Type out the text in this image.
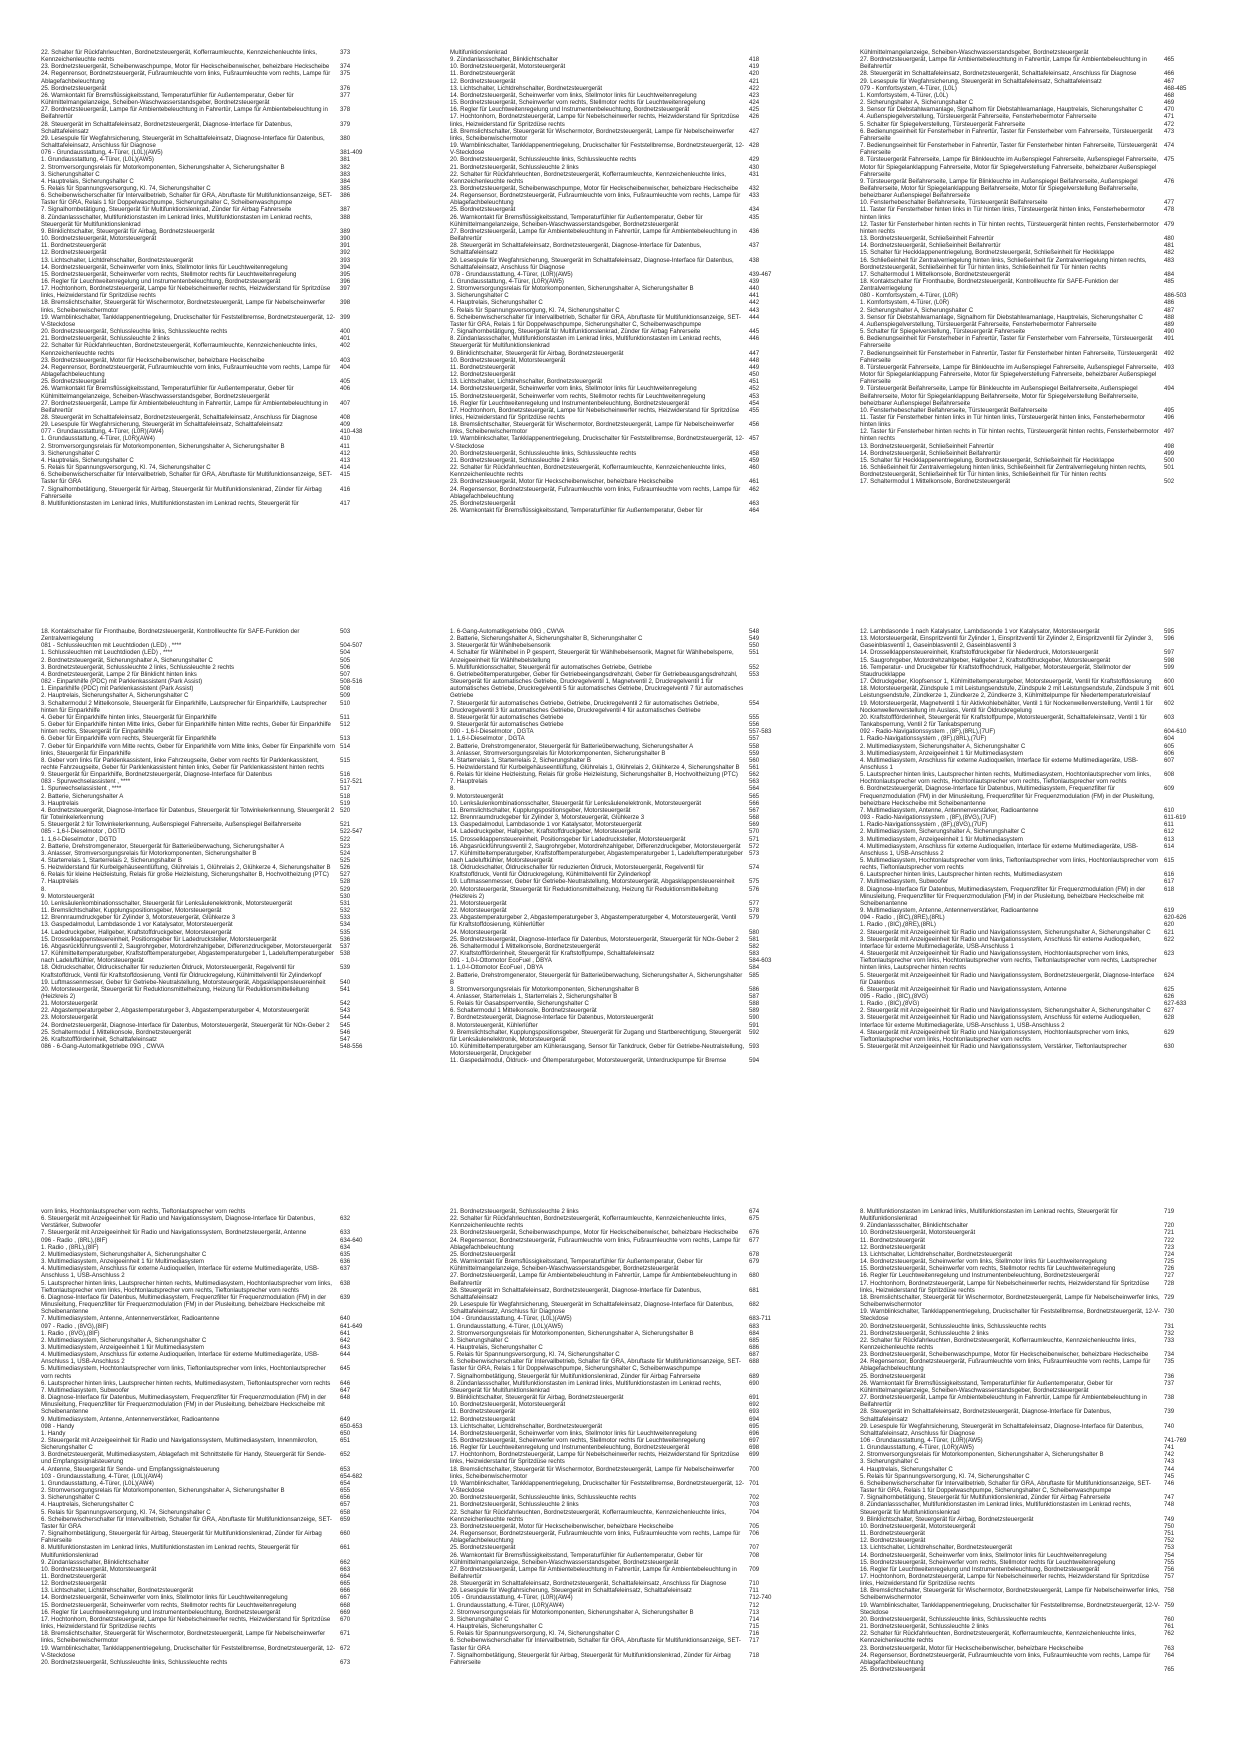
22. Schalter für Rückfahrleuchten, Bordnetzsteuergerät, Kofferraumleuchte, Kennzeichenleuchte links, Kennzeichenleuchte rechts
373
23. Bordnetzsteuergerät, Scheibenwaschpumpe, Motor für Heckscheibenwischer, beheizbare Heckscheibe	374
24. Regenrensor, Bordnetzsteuergerät, Fußraumleuchte vorn links, Fußraumleuchte vorn rechts, Lampe für Ablagefachbeleuchtung
375
25. Bordnetzsteuergerät	376
26. Warnkontakt für Bremsflüssigkeitsstand, Temperaturfühler für Außentemperatur, Geber für Kühlmittelmangelanzeige, Scheiben-Waschwasserstandsgeber, Bordnetzsteuergerät
377
27. Bordnetzsteuergerät, Lampe für Ambientebeleuchtung in Fahrertür, Lampe für Ambientebeleuchtung in Beifahrertür
378
28. Steuergerät im Schalttafeleinsatz, Bordnetzsteuergerät, Diagnose-Interface für Datenbus, Schalttafeleinsatz
379
29. Lesespule für Wegfahrsicherung, Steuergerät im Schalttafeleinsatz, Diagnose-Interface für Datenbus, Schalttafeleinsatz, Anschluss für Diagnose
380
076 - Grundausstattung, 4-Türer, (L0L)(AW5)	381-409
1. Grundausstattung, 4-Türer, (L0L)(AW5)	381
2. Stromversorgungsrelais für Motorkomponenten, Sicherungshalter A, Sicherungshalter B	382
3. Sicherungshalter C	383
4. Hauptrelais, Sicherungshalter C	384
5. Relais für Spannungsversorgung, Kl. 74, Sicherungshalter C	385
6. Scheibenwischerschalter für Intervallbetrieb, Schalter für GRA, Abruftaste für Multifunktionsanzeige, SET-Taster für GRA, Relais 1 für Doppelwaschpumpe, Sicherungshalter C, Scheibenwaschpumpe
386
7. Signalhornbetätigung, Steuergerät für Multifunktionslenkrad, Zünder für Airbag Fahrerseite	387
8. Zündanlassschalter, Multifunktionstasten im Lenkrad links, Multifunktionstasten im Lenkrad rechts, Steuergerät für Multifunktionslenkrad
388
9. Blinklichtschalter, Steuergerät für Airbag, Bordnetzsteuergerät	389
10. Bordnetzsteuergerät, Motorsteuergerät	390
11. Bordnetzsteuergerät	391
12. Bordnetzsteuergerät	392
13. Lichtschalter, Lichtdrehschalter, Bordnetzsteuergerät	393
14. Bordnetzsteuergerät, Scheinwerfer vorn links, Stellmotor links für Leuchtweitenregelung	394
15. Bordnetzsteuergerät, Scheinwerfer vorn rechts, Stellmotor rechts für Leuchtweitenregelung	395
16. Regler für Leuchtweitenregelung und Instrumentenbeleuchtung, Bordnetzsteuergerät	396
17. Hochtonhorn, Bordnetzsteuergerät, Lampe für Nebelscheinwerfer rechts, Heizwiderstand für Spritzdüse links, Heizwiderstand für Spritzdüse rechts
397
18. Bremslichtschalter, Steuergerät für Wischermotor, Bordnetzsteuergerät, Lampe für Nebelscheinwerfer links, Scheibenwischermotor
398
19. Warnblinkschalter, Tankklappenentriegelung, Druckschalter für Feststellbremse, Bordnetzsteuergerät, 12-V-Steckdose
399
20. Bordnetzsteuergerät, Schlussleuchte links, Schlussleuchte rechts	400
21. Bordnetzsteuergerät, Schlussleuchte 2 links	401
22. Schalter für Rückfahrleuchten, Bordnetzsteuergerät, Kofferraumleuchte, Kennzeichenleuchte links, Kennzeichenleuchte rechts
402
23. Bordnetzsteuergerät, Motor für Heckscheibenwischer, beheizbare Heckscheibe	403
24. Regenrensor, Bordnetzsteuergerät, Fußraumleuchte vorn links, Fußraumleuchte vorn rechts, Lampe für Ablagefachbeleuchtung
404
25. Bordnetzsteuergerät	405
26. Warnkontakt für Bremsflüssigkeitsstand, Temperaturfühler für Außentemperatur, Geber für Kühlmittelmangelanzeige, Scheiben-Waschwasserstandsgeber, Bordnetzsteuergerät
406
27. Bordnetzsteuergerät, Lampe für Ambientebeleuchtung in Fahrertür, Lampe für Ambientebeleuchtung in Beifahrertür
407
28. Steuergerät im Schalttafeleinsatz, Bordnetzsteuergerät, Schalttafeleinsatz, Anschluss für Diagnose	408
29. Lesespule für Wegfahrsicherung, Steuergerät im Schalttafeleinsatz, Schalttafeleinsatz	409
077 - Grundausstattung, 4-Türer, (L0R)(AW4)	410-438
1. Grundausstattung, 4-Türer, (L0R)(AW4)	410
2. Stromversorgungsrelais für Motorkomponenten, Sicherungshalter A, Sicherungshalter B	411
3. Sicherungshalter C	412
4. Hauptrelais, Sicherungshalter C	413
5. Relais für Spannungsversorgung, Kl. 74, Sicherungshalter C	414
6. Scheibenwischerschalter für Intervallbetrieb, Schalter für GRA, Abruftaste für Multifunktionsanzeige, SET-Taster für GRA
415
7. Signalhornbetätigung, Steuergerät für Airbag, Steuergerät für Multifunktionslenkrad, Zünder für Airbag Fahrerseite
416
8. Multifunktionstasten im Lenkrad links, Multifunktionstasten im Lenkrad rechts, Steuergerät für	417
Multifunktionslenkrad
9. Zündanlassschalter, Blinklichtschalter	418
10. Bordnetzsteuergerät, Motorsteuergerät	419
11. Bordnetzsteuergerät	420
12. Bordnetzsteuergerät	421
13. Lichtschalter, Lichtdrehschalter, Bordnetzsteuergerät	422
14. Bordnetzsteuergerät, Scheinwerfer vorn links, Stellmotor links für Leuchtweitenregelung	423
15. Bordnetzsteuergerät, Scheinwerfer vorn rechts, Stellmotor rechts für Leuchtweitenregelung	424
16. Regler für Leuchtweitenregelung und Instrumentenbeleuchtung, Bordnetzsteuergerät	425
17. Hochtonhorn, Bordnetzsteuergerät, Lampe für Nebelscheinwerfer rechts, Heizwiderstand für Spritzdüse links, Heizwiderstand für Spritzdüse rechts
426
18. Bremslichtschalter, Steuergerät für Wischermotor, Bordnetzsteuergerät, Lampe für Nebelscheinwerfer links, Scheibenwischermotor
427
19. Warnblinkschalter, Tankklappenentriegelung, Druckschalter für Feststellbremse, Bordnetzsteuergerät, 12-V-Steckdose
428
20. Bordnetzsteuergerät, Schlussleuchte links, Schlussleuchte rechts	429
21. Bordnetzsteuergerät, Schlussleuchte 2 links	430
22. Schalter für Rückfahrleuchten, Bordnetzsteuergerät, Kofferraumleuchte, Kennzeichenleuchte links, Kennzeichenleuchte rechts
431
23. Bordnetzsteuergerät, Scheibenwaschpumpe, Motor für Heckscheibenwischer, beheizbare Heckscheibe	432
24. Regensensor, Bordnetzsteuergerät, Fußraumleuchte vorn links, Fußraumleuchte vorn rechts, Lampe für Ablagefachbeleuchtung
433
25. Bordnetzsteuergerät	434
26. Warnkontakt für Bremsflüssigkeitsstand, Temperaturfühler für Außentemperatur, Geber für Kühlmittelmangelanzeige, Scheiben-Waschwasserstandsgeber, Bordnetzsteuergerät
435
27. Bordnetzsteuergerät, Lampe für Ambientebeleuchtung in Fahrertür, Lampe für Ambientebeleuchtung in Beifahrertür
436
28. Steuergerät im Schalttafeleinsatz, Bordnetzsteuergerät, Diagnose-Interface für Datenbus, Schalttafeleinsatz
437
29. Lesespule für Wegfahrsicherung, Steuergerät im Schalttafeleinsatz, Diagnose-Interface für Datenbus, Schalttafeleinsatz, Anschluss für Diagnose
438
078 - Grundausstattung, 4-Türer, (L0R)(AW5)	439-467
1. Grundausstattung, 4-Türer, (L0R)(AW5)	439
2. Stromversorgungsrelais für Motorkomponenten, Sicherungshalter A, Sicherungshalter B	440
3. Sicherungshalter C	441
4. Hauptrelais, Sicherungshalter C	442
5. Relais für Spannungsversorgung, Kl. 74, Sicherungshalter C	443
6. Scheibenwischerschalter für Intervallbetrieb, Schalter für GRA, Abruftaste für Multifunktionsanzeige, SET-Taster für GRA, Relais 1 für Doppelwaschpumpe, Sicherungshalter C, Scheibenwaschpumpe
444
7. Signalhornbetätigung, Steuergerät für Multifunktionslenkrad, Zünder für Airbag Fahrerseite	445
8. Zündanlassschalter, Multifunktionstasten im Lenkrad links, Multifunktionstasten im Lenkrad rechts, Steuergerät für Multifunktionslenkrad
446
9. Blinklichtschalter, Steuergerät für Airbag, Bordnetzsteuergerät	447
10. Bordnetzsteuergerät, Motorsteuergerät	448
11. Bordnetzsteuergerät	449
12. Bordnetzsteuergerät	450
13. Lichtschalter, Lichtdrehschalter, Bordnetzsteuergerät	451
14. Bordnetzsteuergerät, Scheinwerfer vorn links, Stellmotor links für Leuchtweitenregelung	452
15. Bordnetzsteuergerät, Scheinwerfer vorn rechts, Stellmotor rechts für Leuchtweitenregelung	453
16. Regler für Leuchtweitenregelung und Instrumentenbeleuchtung, Bordnetzsteuergerät	454
17. Hochtonhorn, Bordnetzsteuergerät, Lampe für Nebelscheinwerfer rechts, Heizwiderstand für Spritzdüse links, Heizwiderstand für Spritzdüse rechts
455
18. Bremslichtschalter, Steuergerät für Wischermotor, Bordnetzsteuergerät, Lampe für Nebelscheinwerfer links, Scheibenwischermotor
456
19. Warnblinkschalter, Tankklappenentriegelung, Druckschalter für Feststellbremse, Bordnetzsteuergerät, 12-V-Steckdose
457
20. Bordnetzsteuergerät, Schlussleuchte links, Schlussleuchte rechts	458
21. Bordnetzsteuergerät, Schlussleuchte 2 links	459
22. Schalter für Rückfahrleuchten, Bordnetzsteuergerät, Kofferraumleuchte, Kennzeichenleuchte links, Kennzeichenleuchte rechts
460
23. Bordnetzsteuergerät, Motor für Heckscheibenwischer, beheizbare Heckscheibe	461
24. Regensensor, Bordnetzsteuergerät, Fußraumleuchte vorn links, Fußraumleuchte vorn rechts, Lampe für Ablagefachbeleuchtung
462
25. Bordnetzsteuergerät	463
26. Warnkontakt für Bremsflüssigkeitsstand, Temperaturfühler für Außentemperatur, Geber für	464
Kühlmittelmangelanzeige, Scheiben-Waschwasserstandsgeber, Bordnetzsteuergerät
27. Bordnetzsteuergerät, Lampe für Ambientebeleuchtung in Fahrertür, Lampe für Ambientebeleuchtung in Beifahrertür
465
28. Steuergerät im Schalttafeleinsatz, Bordnetzsteuergerät, Schalttafeleinsatz, Anschluss für Diagnose	466
29. Lesespule für Wegfahrsicherung, Steuergerät im Schalttafeleinsatz, Schalttafeleinsatz	467
079 - Komfortsystem, 4-Türer, (L0L)	468-485
1. Komfortsystem, 4-Türer, (L0L)	468
2. Sicherungshalter A, Sicherungshalter C	469
3. Sensor für Diebstahlwarnanlage, Signalhorn für Diebstahlwarnanlage, Hauptrelais, Sicherungshalter C	470
4. Außenspiegelverstellung, Türsteuergerät Fahrerseite, Fensterhebermotor Fahrerseite	471
5. Schalter für Spiegelverstellung, Türsteuergerät Fahrerseite	472
6. Bedienungseinheit für Fensterheber in Fahrertür, Taster für Fensterheber vorn Fahrerseite, Türsteuergerät Fahrerseite
473
7. Bedienungseinheit für Fensterheber in Fahrertür, Taster für Fensterheber hinten Fahrerseite, Türsteuergerät Fahrerseite
474
8. Türsteuergerät Fahrerseite, Lampe für Blinkleuchte im Außenspiegel Fahrerseite, Außenspiegel Fahrerseite, Motor für Spiegelanklappung Fahrerseite, Motor für Spiegelverstellung Fahrerseite, beheizbarer Außenspiegel Fahrerseite
475
9. Türsteuergerät Beifahrerseite, Lampe für Blinkleuchte im Außenspiegel Beifahrerseite, Außenspiegel Beifahrerseite, Motor für Spiegelanklappung Beifahrerseite, Motor für Spiegelverstellung Beifahrerseite, beheizbarer Außenspiegel Beifahrerseite
476
10. Fensterhebeschalter Beifahrerseite, Türsteuergerät Beifahrerseite	477
11. Taster für Fensterheber hinten links in Tür hinten links, Türsteuergerät hinten links, Fensterhebermotor hinten links
478
12. Taster für Fensterheber hinten rechts in Tür hinten rechts, Türsteuergerät hinten rechts, Fensterhebermotor hinten rechts
479
13. Bordnetzsteuergerät, Schließeinheit Fahrertür	480
14. Bordnetzsteuergerät, Schließeinheit Beifahrertür	481
15. Schalter für Heckklappenentriegelung, Bordnetzsteuergerät, Schließeinheit für Heckklappe	482
16. Schließeinheit für Zentralverriegelung hinten links, Schließeinheit für Zentralverriegelung hinten rechts, Bordnetzsteuergerät, Schließeinheit für Tür hinten links, Schließeinheit für Tür hinten rechts
483
17. Schaltermodul 1 Mittelkonsole, Bordnetzsteuergerät	484
18. Kontaktschalter für Fronthaube, Bordnetzsteuergerät, Kontrollleuchte für SAFE-Funktion der Zentralverriegelung
485
080 - Komfortsystem, 4-Türer, (L0R)	486-503
1. Komfortsystem, 4-Türer, (L0R)	486
2. Sicherungshalter A, Sicherungshalter C	487
3. Sensor für Diebstahlwarnanlage, Signalhorn für Diebstahlwarnanlage, Hauptrelais, Sicherungshalter C	488
4. Außenspiegelverstellung, Türsteuergerät Fahrerseite, Fensterhebermotor Fahrerseite	489
5. Schalter für Spiegelverstellung, Türsteuergerät Fahrerseite	490
6. Bedienungseinheit für Fensterheber in Fahrertür, Taster für Fensterheber vorn Fahrerseite, Türsteuergerät Fahrerseite
491
7. Bedienungseinheit für Fensterheber in Fahrertür, Taster für Fensterheber hinten Fahrerseite, Türsteuergerät Fahrerseite
492
8. Türsteuergerät Fahrerseite, Lampe für Blinkleuchte im Außenspiegel Fahrerseite, Außenspiegel Fahrerseite, Motor für Spiegelanklappung Fahrerseite, Motor für Spiegelverstellung Fahrerseite, beheizbarer Außenspiegel Fahrerseite
493
9. Türsteuergerät Beifahrerseite, Lampe für Blinkleuchte im Außenspiegel Beifahrerseite, Außenspiegel Beifahrerseite, Motor für Spiegelanklappung Beifahrerseite, Motor für Spiegelverstellung Beifahrerseite, beheizbarer Außenspiegel Beifahrerseite
494
10. Fensterhebeschalter Beifahrerseite, Türsteuergerät Beifahrerseite	495
11. Taster für Fensterheber hinten links in Tür hinten links, Türsteuergerät hinten links, Fensterhebermotor hinten links
496
12. Taster für Fensterheber hinten rechts in Tür hinten rechts, Türsteuergerät hinten rechts, Fensterhebermotor hinten rechts
497
13. Bordnetzsteuergerät, Schließeinheit Fahrertür	498
14. Bordnetzsteuergerät, Schließeinheit Beifahrertür	499
15. Schalter für Heckklappenentriegelung, Bordnetzsteuergerät, Schließeinheit für Heckklappe	500
16. Schließeinheit für Zentralverriegelung hinten links, Schließeinheit für Zentralverriegelung hinten rechts, Bordnetzsteuergerät, Schließeinheit für Tür hinten links, Schließeinheit für Tür hinten rechts
501
17. Schaltermodul 1 Mittelkonsole, Bordnetzsteuergerät	502
18. Kontaktschalter für Fronthaube, Bordnetzsteuergerät, Kontrollleuchte für SAFE-Funktion der Zentralverriegelung
503
081 - Schlussleuchten mit Leuchtdioden (LED) , ****	504-507
1. Schlussleuchten mit Leuchtdioden (LED) , ****	504
2. Bordnetzsteuergerät, Sicherungshalter A, Sicherungshalter C	505
3. Bordnetzsteuergerät, Schlussleuchte 2 links, Schlussleuchte 2 rechts	506
4. Bordnetzsteuergerät, Lampe 2 für Blinklicht hinten links	507
082 - Einparkhilfe (PDC) mit Parklenkassistent (Park Assist)	508-516
1. Einparkhilfe (PDC) mit Parklenkassistent (Park Assist)	508
2. Hauptrelais, Sicherungshalter A, Sicherungshalter C	509
3. Schaltermodul 2 Mittelkonsole, Steuergerät für Einparkhilfe, Lautsprecher für Einparkhilfe, Lautsprecher hinten für Einparkhilfe
510
4. Geber für Einparkhilfe hinten links, Steuergerät für Einparkhilfe	511
5. Geber für Einparkhilfe hinten Mitte links, Geber für Einparkhilfe hinten Mitte rechts, Geber für Einparkhilfe hinten rechts, Steuergerät für Einparkhilfe
512
6. Geber für Einparkhilfe vorn rechts, Steuergerät für Einparkhilfe	513
7. Geber für Einparkhilfe vorn Mitte rechts, Geber für Einparkhilfe vorn Mitte links, Geber für Einparkhilfe vorn links, Steuergerät für Einparkhilfe
514
8. Geber vorn links für Parklenkassistent, linke Fahrzeugseite, Geber vorn rechts für Parklenkassistent, rechte Fahrzeugseite, Geber für Parklenkassistent hinten links, Geber für Parklenkassistent hinten rechts
515
9. Steuergerät für Einparkhilfe, Bordnetzsteuergerät, Diagnose-Interface für Datenbus	516
083 - Spurwechselassistent , ****	517-521
1. Spurwechselassistent , ****	517
2. Batterie, Sicherungshalter A	518
3. Hauptrelais	519
4. Bordnetzsteuergerät, Diagnose-Interface für Datenbus, Steuergerät für Totwinkelerkennung, Steuergerät 2 für Totwinkelerkennung
520
5. Steuergerät 2 für Totwinkelerkennung, Außenspiegel Fahrerseite, Außenspiegel Beifahrerseite	521
085 - 1,6-l-Dieselmotor , DGTD	522-547
1. 1,6-l-Dieselmotor , DGTD	522
2. Batterie, Drehstromgenerator, Steuergerät für Batterieüberwachung, Sicherungshalter A	523
3. Anlasser, Stromversorgungsrelais für Motorkomponenten, Sicherungshalter B	524
4. Starterrelais 1, Starterrelais 2, Sicherungshalter B	525
5. Heizwiderstand für Kurbelgehäuseentlüftung, Glührelais 1, Glührelais 2, Glühkerze 4, Sicherungshalter B	526
6. Relais für kleine Heizleistung, Relais für große Heizleistung, Sicherungshalter B, Hochvoltheizung (PTC)	527
7. Hauptrelais	528
8.	529
9. Motorsteuergerät	530
10. Lenksäulenkombinationsschalter, Steuergerät für Lenksäulenelektronik, Motorsteuergerät	531
11. Bremslichtschalter, Kupplungspositionsgeber, Motorsteuergerät	532
12. Brennraumdruckgeber für Zylinder 3, Motorsteuergerät, Glühkerze 3	533
13. Gaspedalmodul, Lambdasonde 1 vor Katalysator, Motorsteuergerät	534
14. Ladedruckgeber, Hallgeber, Kraftstoffdruckgeber, Motorsteuergerät	535
15. Drosselklappensteuereinheit, Positionsgeber für Ladedrucksteller, Motorsteuergerät	536
16. Abgasrückführungsventil 2, Saugrohrgeber, Motordrehzahlgeber, Differenzdruckgeber, Motorsteuergerät	537
17. Kühlmitteltemperaturgeber, Kraftstofftemperaturgeber, Abgastemperaturgeber 1, Ladeluftemperaturgeber nach Ladeluftkühler, Motorsteuergerät
538
18. Öldruckschalter, Öldruckschalter für reduzierten Öldruck, Motorsteuergerät, Regelventil für Kraftstoffdruck, Ventil für Kraftstoffdosierung, Ventil für Öldruckregelung, Kühlmittelventil für Zylinderkopf
539
19. Luftmassenmesser, Geber für Getriebe-Neutralstellung, Motorsteuergerät, Abgasklappensteuereinheit	540
20. Motorsteuergerät, Steuergerät für Reduktionsmittelheizung, Heizung für Reduktionsmittelleitung (Heizkreis 2)
541
21. Motorsteuergerät	542
22. Abgastemperaturgeber 2, Abgastemperaturgeber 3, Abgastemperaturgeber 4, Motorsteuergerät	543
23. Motorsteuergerät	544
24. Bordnetzsteuergerät, Diagnose-Interface für Datenbus, Motorsteuergerät, Steuergerät für NOx-Geber 2	545
25. Schaltermodul 1 Mittelkonsole, Bordnetzsteuergerät	546
26. Kraftstoffförderinheit, Schalttafeleinsatz	547
086 - 6-Gang-Automatikgetriebe 09G , CWVA	548-556
1. 6-Gang-Automatikgetriebe 09G , CWVA	548
2. Batterie, Sicherungshalter A, Sicherungshalter B, Sicherungshalter C	549
3. Steuergerät für Wählhebelsensorik	550
4. Schalter für Wählhebel in P gesperrt, Steuergerät für Wählhebelsensorik, Magnet für Wählhebelsperre, Anzeigeeinheit für Wählhebelstellung
551
5. Multifunktionsschalter, Steuergerät für automatisches Getriebe, Getriebe	552
6. Getriebeöltemperaturgeber, Geber für Getriebeeingangsdrehzahl, Geber für Getriebeausgangsdrehzahl, Steuergerät für automatisches Getriebe, Druckregelventil 1, Magnetventil 2, Druckregelventil 1 für automatisches Getriebe, Druckregelventil 5 für automatisches Getriebe, Druckregelventil 7 für automatisches Getriebe
553
7. Steuergerät für automatisches Getriebe, Getriebe, Druckregelventil 2 für automatisches Getriebe, Druckregelventil 3 für automatisches Getriebe, Druckregelventil 4 für automatisches Getriebe
554
8. Steuergerät für automatisches Getriebe	555
9. Steuergerät für automatisches Getriebe	556
090 - 1,6-l-Dieselmotor , DGTA	557-583
1. 1,6-l-Dieselmotor , DGTA	557
2. Batterie, Drehstromgenerator, Steuergerät für Batterieüberwachung, Sicherungshalter A	558
3. Anlasser, Stromversorgungsrelais für Motorkomponenten, Sicherungshalter B	559
4. Starterrelais 1, Starterrelais 2, Sicherungshalter B	560
5. Heizwiderstand für Kurbelgehäuseentlüftung, Glührelais 1, Glührelais 2, Glühkerze 4, Sicherungshalter B	561
6. Relais für kleine Heizleistung, Relais für große Heizleistung, Sicherungshalter B, Hochvoltheizung (PTC)	562
7. Hauptrelais	563
8.	564
9. Motorsteuergerät	565
10. Lenksäulenkombinationsschalter, Steuergerät für Lenksäulenelektronik, Motorsteuergerät	566
11. Bremslichtschalter, Kupplungspositionsgeber, Motorsteuergerät	567
12. Brennraumdruckgeber für Zylinder 3, Motorsteuergerät, Glühkerze 3	568
13. Gaspedalmodul, Lambdasonde 1 vor Katalysator, Motorsteuergerät	569
14. Ladedruckgeber, Hallgeber, Kraftstoffdruckgeber, Motorsteuergerät	570
15. Drosselklappensteuereinheit, Positionsgeber für Ladedrucksteller, Motorsteuergerät	571
16. Abgasrückführungsventil 2, Saugrohrgeber, Motordrehzahlgeber, Differenzdruckgeber, Motorsteuergerät	572
17. Kühlmitteltemperaturgeber, Kraftstofftemperaturgeber, Abgastemperaturgeber 1, Ladeluftemperaturgeber nach Ladeluftkühler, Motorsteuergerät
573
18. Öldruckschalter, Öldruckschalter für reduzierten Öldruck, Motorsteuergerät, Regelventil für Kraftstoffdruck, Ventil für Öldruckregelung, Kühlmittelventil für Zylinderkopf
574
19. Luftmassenmesser, Geber für Getriebe-Neutralstellung, Motorsteuergerät, Abgasklappensteuereinheit	575
20. Motorsteuergerät, Steuergerät für Reduktionsmittelheizung, Heizung für Reduktionsmittelleitung (Heizkreis 2)
576
21. Motorsteuergerät	577
22. Motorsteuergerät	578
23. Abgastemperaturgeber 2, Abgastemperaturgeber 3, Abgastemperaturgeber 4, Motorsteuergerät, Ventil für Kraftstoffdosierung, Kühlerlüfter
579
24. Motorsteuergerät	580
25. Bordnetzsteuergerät, Diagnose-Interface für Datenbus, Motorsteuergerät, Steuergerät für NOx-Geber 2	581
26. Schaltermodul 1 Mittelkonsole, Bordnetzsteuergerät	582
27. Kraftstoffförderinheit, Steuergerät für Kraftstoffpumpe, Schalttafeleinsatz	583
091 - 1,0-l-Ottomotor EcoFuel , DBYA	584-603
1. 1,0-l-Ottomotor EcoFuel , DBYA	584
2. Batterie, Drehstromgenerator, Steuergerät für Batterieüberwachung, Sicherungshalter A, Sicherungshalter B
585
3. Stromversorgungsrelais für Motorkomponenten, Sicherungshalter B	586
4. Anlasser, Starterrelais 1, Starterrelais 2, Sicherungshalter B	587
5. Relais für Gasabsperrventile, Sicherungshalter C	588
6. Schaltermodul 1 Mittelkonsole, Bordnetzsteuergerät	589
7. Bordnetzsteuergerät, Diagnose-Interface für Datenbus, Motorsteuergerät	590
8. Motorsteuergerät, Kühlerlüfter	591
9. Bremslichtschalter, Kupplungspositionsgeber, Steuergerät für Zugang und Startberechtigung, Steuergerät für Lenksäulenelektronik, Motorsteuergerät
592
10. Kühlmitteltemperaturgeber am Kühlerausgang, Sensor für Tankdruck, Geber für Getriebe-Neutralstellung, Motorsteuergerät, Druckgeber
593
11. Gaspedalmodul, Öldruck- und Öltemperaturgeber, Motorsteuergerät, Unterdruckpumpe für Bremse	594
12. Lambdasonde 1 nach Katalysator, Lambdasonde 1 vor Katalysator, Motorsteuergerät	595
13. Motorsteuergerät, Einspritzventil für Zylinder 1, Einspritzventil für Zylinder 2, Einspritzventil für Zylinder 3, Gaseinblasventil 1, Gaseinblasventil 2, Gaseinblasventil 3
596
14. Drosselklappensteuereinheit, Kraftstoffdruckgeber für Niederdruck, Motorsteuergerät	597
15. Saugrohrgeber, Motordrehzahlgeber, Hallgeber 2, Kraftstoffdruckgeber, Motorsteuergerät	598
16. Temperatur- und Druckgeber für Kraftstoffhochdruck, Hallgeber, Motorsteuergerät, Stellmotor der Staudruckklappe
599
17. Öldruckgeber, Klopfsensor 1, Kühlmitteltemperaturgeber, Motorsteuergerät, Ventil für Kraftstoffdosierung	600
18. Motorsteuergerät, Zündspule 1 mit Leistungsendstufe, Zündspule 2 mit Leistungsendstufe, Zündspule 3 mit Leistungsendstufe, Zündkerze 1, Zündkerze 2, Zündkerze 3, Kühlmittelpumpe für Niedertemperaturkreislauf
601
19. Motorsteuergerät, Magnetventil 1 für Aktivkohlebehälter, Ventil 1 für Nockenwellenverstellung, Ventil 1 für Nockenwellenverstellung im Auslass, Ventil für Öldruckregelung
602
20. Kraftstoffförderinheit, Steuergerät für Kraftstoffpumpe, Motorsteuergerät, Schalttafeleinsatz, Ventil 1 für Tankabsperrung, Ventil 2 für Tankabsperrung
603
092 - Radio-Navigationssystem , (8F),(8RL),(7UF)	604-610
1. Radio-Navigationssystem , (8F),(8RL),(7UF)	604
2. Multimediasystem, Sicherungshalter A, Sicherungshalter C	605
3. Multimediasystem, Anzeigeeinheit 1 für Multimediasystem	606
4. Multimediasystem, Anschluss für externe Audioquellen, Interface für externe Multimediageräte, USB-Anschluss 1
607
5. Lautsprecher hinten links, Lautsprecher hinten rechts, Multimediasystem, Hochtonlautsprecher vorn links, Hochtonlautsprecher vorn rechts, Hochtonlautsprecher vorn rechts, Tieftonlautsprecher vorn rechts
608
6. Bordnetzsteuergerät, Diagnose-Interface für Datenbus, Multimediasystem, Frequenzfilter für Frequenzmodulation (FM) in der Minusleitung, Frequenzfilter für Frequenzmodulation (FM) in der Plusleitung, beheizbare Heckscheibe mit Scheibenantenne
609
7. Multimediasystem, Antenne, Antennenverstärker, Radioantenne	610
093 - Radio-Navigationssystem , (8F),(8VG),(7UF)	611-619
1. Radio-Navigationssystem , (8F),(8VG),(7UF)	611
2. Multimediasystem, Sicherungshalter A, Sicherungshalter C	612
3. Multimediasystem, Anzeigeeinheit 1 für Multimediasystem	613
4. Multimediasystem, Anschluss für externe Audioquellen, Interface für externe Multimediageräte, USB-Anschluss 1, USB-Anschluss 2
614
5. Multimediasystem, Hochtonlautsprecher vorn links, Tieftonlautsprecher vorn links, Hochtonlautsprecher vorn rechts, Tieftonlautsprecher vorn rechts
615
6. Lautsprecher hinten links, Lautsprecher hinten rechts, Multimediasystem	616
7. Multimediasystem, Subwoofer	617
8. Diagnose-Interface für Datenbus, Multimediasystem, Frequenzfilter für Frequenzmodulation (FM) in der Minusleitung, Frequenzfilter für Frequenzmodulation (FM) in der Plusleitung, beheizbare Heckscheibe mit Scheibenantenne
618
9. Multimediasystem, Antenne, Antennenverstärker, Radioantenne	619
094 - Radio , (8IC),(8RE),(8RL)	620-626
1. Radio , (8IC),(8RE),(8RL)	620
2. Steuergerät mit Anzeigeeinheit für Radio und Navigationssystem, Sicherungshalter A, Sicherungshalter C	621
3. Steuergerät mit Anzeigeeinheit für Radio und Navigationssystem, Anschluss für externe Audioquellen, Interface für externe Multimediageräte, USB-Anschluss 1
622
4. Steuergerät mit Anzeigeeinheit für Radio und Navigationssystem, Hochtonlautsprecher vorn links, Tieftonlautsprecher vorn links, Hochtonlautsprecher vorn rechts, Tieftonlautsprecher vorn rechts, Lautsprecher hinten links, Lautsprecher hinten rechts
623
5. Steuergerät mit Anzeigeeinheit für Radio und Navigationssystem, Bordnetzsteuergerät, Diagnose-Interface für Datenbus
624
6. Steuergerät mit Anzeigeeinheit für Radio und Navigationssystem, Antenne	625
095 - Radio , (8IC),(8VG)	626
1. Radio , (8IC),(8VG)	627-633
2. Steuergerät mit Anzeigeeinheit für Radio und Navigationssystem, Sicherungshalter A, Sicherungshalter C	627
3. Steuergerät mit Anzeigeeinheit für Radio und Navigationssystem, Anschluss für externe Audioquellen, Interface für externe Multimediageräte, USB-Anschluss 1, USB-Anschluss 2
628
4. Steuergerät mit Anzeigeeinheit für Radio und Navigationssystem, Hochtonlautsprecher vorn links, Tieftonlautsprecher vorn links, Hochtonlautsprecher vorn rechts
629
5. Steuergerät mit Anzeigeeinheit für Radio und Navigationssystem, Verstärker, Tieftonlautsprecher	630
vorn links, Hochtonlautsprecher vorn rechts, Tieftonlautsprecher vorn rechts
6. Steuergerät mit Anzeigeeinheit für Radio und Navigationssystem, Diagnose-Interface für Datenbus, Verstärker, Subwoofer
632
7. Steuergerät mit Anzeigeeinheit für Radio und Navigationssystem, Bordnetzsteuergerät, Antenne	633
096 - Radio , (8RL),(8IF)	634-640
1. Radio , (8RL),(8IF)	634
2. Multimediasystem, Sicherungshalter A, Sicherungshalter C	635
3. Multimediasystem, Anzeigeeinheit 1 für Multimediasystem	636
4. Multimediasystem, Anschluss für externe Audioquellen, Interface für externe Multimediageräte, USB-Anschluss 1, USB-Anschluss 2
637
5. Lautsprecher hinten links, Lautsprecher hinten rechts, Multimediasystem, Hochtonlautsprecher vorn links, Tieftonlautsprecher vorn links, Hochtonlautsprecher vorn rechts, Tieftonlautsprecher vorn rechts
638
6. Diagnose-Interface für Datenbus, Multimediasystem, Frequenzfilter für Frequenzmodulation (FM) in der Minusleitung, Frequenzfilter für Frequenzmodulation (FM) in der Plusleitung, beheizbare Heckscheibe mit Scheibenantenne
639
7. Multimediasystem, Antenne, Antennenverstärker, Radioantenne	640
097 - Radio , (8VG),(8IF)	641-649
1. Radio , (8VG),(8IF)	641
2. Multimediasystem, Sicherungshalter A, Sicherungshalter C	642
3. Multimediasystem, Anzeigeeinheit 1 für Multimediasystem	643
4. Multimediasystem, Anschluss für externe Audioquellen, Interface für externe Multimediageräte, USB-Anschluss 1, USB-Anschluss 2
644
5. Multimediasystem, Hochtonlautsprecher vorn links, Tieftonlautsprecher vorn links, Hochtonlautsprecher vorn rechts
645
6. Lautsprecher hinten links, Lautsprecher hinten rechts, Multimediasystem, Tieftonlautsprecher vorn rechts	646
7. Multimediasystem, Subwoofer	647
8. Diagnose-Interface für Datenbus, Multimediasystem, Frequenzfilter für Frequenzmodulation (FM) in der Minusleitung, Frequenzfilter für Frequenzmodulation (FM) in der Plusleitung, beheizbare Heckscheibe mit Scheibenantenne
648
9. Multimediasystem, Antenne, Antennenverstärker, Radioantenne	649
098 - Handy	650-653
1. Handy	650
2. Steuergerät mit Anzeigeeinheit für Radio und Navigationssystem, Multimediasystem, Innenmikrofon, Sicherungshalter C
651
3. Bordnetzsteuergerät, Multimediasystem, Ablagefach mit Schnittstelle für Handy, Steuergerät für Sende- und Empfangssignalsteuerung
652
4. Antenne, Steuergerät für Sende- und Empfangssignalsteuerung	653
103 - Grundausstattung, 4-Türer, (L0L)(AW4)	654-682
1. Grundausstattung, 4-Türer, (L0L)(AW4)	654
2. Stromversorgungsrelais für Motorkomponenten, Sicherungshalter A, Sicherungshalter B	655
3. Sicherungshalter C	656
4. Hauptrelais, Sicherungshalter C	657
5. Relais für Spannungsversorgung, Kl. 74, Sicherungshalter C	658
6. Scheibenwischerschalter für Intervallbetrieb, Schalter für GRA, Abruftaste für Multifunktionsanzeige, SET-Taster für GRA
659
7. Signalhornbetätigung, Steuergerät für Airbag, Steuergerät für Multifunktionslenkrad, Zünder für Airbag Fahrerseite
660
8. Multifunktionstasten im Lenkrad links, Multifunktionstasten im Lenkrad rechts, Steuergerät für Multifunktionslenkrad
661
9. Zündanlassschalter, Blinklichtschalter	662
10. Bordnetzsteuergerät, Motorsteuergerät	663
11. Bordnetzsteuergerät	664
12. Bordnetzsteuergerät	665
13. Lichtschalter, Lichtdrehschalter, Bordnetzsteuergerät	666
14. Bordnetzsteuergerät, Scheinwerfer vorn links, Stellmotor links für Leuchtweitenregelung	667
15. Bordnetzsteuergerät, Scheinwerfer vorn rechts, Stellmotor rechts für Leuchtweitenregelung	668
16. Regler für Leuchtweitenregelung und Instrumentenbeleuchtung, Bordnetzsteuergerät	669
17. Hochtonhorn, Bordnetzsteuergerät, Lampe für Nebelscheinwerfer rechts, Heizwiderstand für Spritzdüse links, Heizwiderstand für Spritzdüse rechts
670
18. Bremslichtschalter, Steuergerät für Wischermotor, Bordnetzsteuergerät, Lampe für Nebelscheinwerfer links, Scheibenwischermotor
671
19. Warnblinkschalter, Tankklappenentriegelung, Druckschalter für Feststellbremse, Bordnetzsteuergerät, 12-V-Steckdose
672
20. Bordnetzsteuergerät, Schlussleuchte links, Schlussleuchte rechts	673
21. Bordnetzsteuergerät, Schlussleuchte 2 links	674
22. Schalter für Rückfahrleuchten, Bordnetzsteuergerät, Kofferraumleuchte, Kennzeichenleuchte links, Kennzeichenleuchte rechts
675
23. Bordnetzsteuergerät, Scheibenwaschpumpe, Motor für Heckscheibenwischer, beheizbare Heckscheibe	676
24. Regensensor, Bordnetzsteuergerät, Fußraumleuchte vorn links, Fußraumleuchte vorn rechts, Lampe für Ablagefachbeleuchtung
677
25. Bordnetzsteuergerät	678
26. Warnkontakt für Bremsflüssigkeitsstand, Temperaturfühler für Außentemperatur, Geber für Kühlmittelmangelanzeige, Scheiben-Waschwasserstandsgeber, Bordnetzsteuergerät
679
27. Bordnetzsteuergerät, Lampe für Ambientebeleuchtung in Fahrertür, Lampe für Ambientebeleuchtung in Beifahrertür
680
28. Steuergerät im Schalttafeleinsatz, Bordnetzsteuergerät, Diagnose-Interface für Datenbus, Schalttafeleinsatz
681
29. Lesespule für Wegfahrsicherung, Steuergerät im Schalttafeleinsatz, Diagnose-Interface für Datenbus, Schalttafeleinsatz, Anschluss für Diagnose
682
104 - Grundausstattung, 4-Türer, (L0L)(AW5)	683-711
1. Grundausstattung, 4-Türer, (L0L)(AW5)	683
2. Stromversorgungsrelais für Motorkomponenten, Sicherungshalter A, Sicherungshalter B	684
3. Sicherungshalter C	685
4. Hauptrelais, Sicherungshalter C	686
5. Relais für Spannungsversorgung, Kl. 74, Sicherungshalter C	687
6. Scheibenwischerschalter für Intervallbetrieb, Schalter für GRA, Abruftaste für Multifunktionsanzeige, SET-Taster für GRA, Relais 1 für Doppelwaschpumpe, Sicherungshalter C, Scheibenwaschpumpe
688
7. Signalhornbetätigung, Steuergerät für Multifunktionslenkrad, Zünder für Airbag Fahrerseite	689
8. Zündanlassschalter, Multifunktionstasten im Lenkrad links, Multifunktionstasten im Lenkrad rechts, Steuergerät für Multifunktionslenkrad
690
9. Blinklichtschalter, Steuergerät für Airbag, Bordnetzsteuergerät	691
10. Bordnetzsteuergerät, Motorsteuergerät	692
11. Bordnetzsteuergerät	693
12. Bordnetzsteuergerät	694
13. Lichtschalter, Lichtdrehschalter, Bordnetzsteuergerät	695
14. Bordnetzsteuergerät, Scheinwerfer vorn links, Stellmotor links für Leuchtweitenregelung	696
15. Bordnetzsteuergerät, Scheinwerfer vorn rechts, Stellmotor rechts für Leuchtweitenregelung	697
16. Regler für Leuchtweitenregelung und Instrumentenbeleuchtung, Bordnetzsteuergerät	698
17. Hochtonhorn, Bordnetzsteuergerät, Lampe für Nebelscheinwerfer rechts, Heizwiderstand für Spritzdüse links, Heizwiderstand für Spritzdüse rechts
699
18. Bremslichtschalter, Steuergerät für Wischermotor, Bordnetzsteuergerät, Lampe für Nebelscheinwerfer links, Scheibenwischermotor
700
19. Warnblinkschalter, Tankklappenentriegelung, Druckschalter für Feststellbremse, Bordnetzsteuergerät, 12-V-Steckdose
701
20. Bordnetzsteuergerät, Schlussleuchte links, Schlussleuchte rechts	702
21. Bordnetzsteuergerät, Schlussleuchte 2 links	703
22. Schalter für Rückfahrleuchten, Bordnetzsteuergerät, Kofferraumleuchte, Kennzeichenleuchte links, Kennzeichenleuchte rechts
704
23. Bordnetzsteuergerät, Motor für Heckscheibenwischer, beheizbare Heckscheibe	705
24. Regensensor, Bordnetzsteuergerät, Fußraumleuchte vorn links, Fußraumleuchte vorn rechts, Lampe für Ablagefachbeleuchtung
706
25. Bordnetzsteuergerät	707
26. Warnkontakt für Bremsflüssigkeitsstand, Temperaturfühler für Außentemperatur, Geber für Kühlmittelmangelanzeige, Scheiben-Waschwasserstandsgeber, Bordnetzsteuergerät
708
27. Bordnetzsteuergerät, Lampe für Ambientebeleuchtung in Fahrertür, Lampe für Ambientebeleuchtung in Beifahrertür
709
28. Steuergerät im Schalttafeleinsatz, Bordnetzsteuergerät, Schalttafeleinsatz, Anschluss für Diagnose	710
29. Lesespule für Wegfahrsicherung, Steuergerät im Schalttafeleinsatz, Schalttafeleinsatz	711
105 - Grundausstattung, 4-Türer, (L0R)(AW4)	712-740
1. Grundausstattung, 4-Türer, (L0R)(AW4)	712
2. Stromversorgungsrelais für Motorkomponenten, Sicherungshalter A, Sicherungshalter B	713
3. Sicherungshalter C	714
4. Hauptrelais, Sicherungshalter C	715
5. Relais für Spannungsversorgung, Kl. 74, Sicherungshalter C	716
6. Scheibenwischerschalter für Intervallbetrieb, Schalter für GRA, Abruftaste für Multifunktionsanzeige, SET-Taster für GRA
717
7. Signalhornbetätigung, Steuergerät für Airbag, Steuergerät für Multifunktionslenkrad, Zünder für Airbag Fahrerseite
718
8. Multifunktionstasten im Lenkrad links, Multifunktionstasten im Lenkrad rechts, Steuergerät für Multifunktionslenkrad
719
9. Zündanlassschalter, Blinklichtschalter	720
10. Bordnetzsteuergerät, Motorsteuergerät	721
11. Bordnetzsteuergerät	722
12. Bordnetzsteuergerät	723
13. Lichtschalter, Lichtdrehschalter, Bordnetzsteuergerät	724
14. Bordnetzsteuergerät, Scheinwerfer vorn links, Stellmotor links für Leuchtweitenregelung	725
15. Bordnetzsteuergerät, Scheinwerfer vorn rechts, Stellmotor rechts für Leuchtweitenregelung	726
16. Regler für Leuchtweitenregelung und Instrumentenbeleuchtung, Bordnetzsteuergerät	727
17. Hochtonhorn, Bordnetzsteuergerät, Lampe für Nebelscheinwerfer rechts, Heizwiderstand für Spritzdüse links, Heizwiderstand für Spritzdüse rechts
728
18. Bremslichtschalter, Steuergerät für Wischermotor, Bordnetzsteuergerät, Lampe für Nebelscheinwerfer links, Scheibenwischermotor
729
19. Warnblinkschalter, Tankklappenentriegelung, Druckschalter für Feststellbremse, Bordnetzsteuergerät, 12-V-Steckdose
730
20. Bordnetzsteuergerät, Schlussleuchte links, Schlussleuchte rechts	731
21. Bordnetzsteuergerät, Schlussleuchte 2 links	732
22. Schalter für Rückfahrleuchten, Bordnetzsteuergerät, Kofferraumleuchte, Kennzeichenleuchte links, Kennzeichenleuchte rechts
733
23. Bordnetzsteuergerät, Scheibenwaschpumpe, Motor für Heckscheibenwischer, beheizbare Heckscheibe	734
24. Regensensor, Bordnetzsteuergerät, Fußraumleuchte vorn links, Fußraumleuchte vorn rechts, Lampe für Ablagefachbeleuchtung
735
25. Bordnetzsteuergerät	736
26. Warnkontakt für Bremsflüssigkeitsstand, Temperaturfühler für Außentemperatur, Geber für Kühlmittelmangelanzeige, Scheiben-Waschwasserstandsgeber, Bordnetzsteuergerät
737
27. Bordnetzsteuergerät, Lampe für Ambientebeleuchtung in Fahrertür, Lampe für Ambientebeleuchtung in Beifahrertür
738
28. Steuergerät im Schalttafeleinsatz, Bordnetzsteuergerät, Diagnose-Interface für Datenbus, Schalttafeleinsatz
739
29. Lesespule für Wegfahrsicherung, Steuergerät im Schalttafeleinsatz, Diagnose-Interface für Datenbus, Schalttafeleinsatz, Anschluss für Diagnose
740
106 - Grundausstattung, 4-Türer, (L0R)(AW5)	741-769
1. Grundausstattung, 4-Türer, (L0R)(AW5)	741
2. Stromversorgungsrelais für Motorkomponenten, Sicherungshalter A, Sicherungshalter B	742
3. Sicherungshalter C	743
4. Hauptrelais, Sicherungshalter C	744
5. Relais für Spannungsversorgung, Kl. 74, Sicherungshalter C	745
6. Scheibenwischerschalter für Intervallbetrieb, Schalter für GRA, Abruftaste für Multifunktionsanzeige, SET-Taster für GRA, Relais 1 für Doppelwaschpumpe, Sicherungshalter C, Scheibenwaschpumpe
746
7. Signalhornbetätigung, Steuergerät für Multifunktionslenkrad, Zünder für Airbag Fahrerseite	747
8. Zündanlassschalter, Multifunktionstasten im Lenkrad links, Multifunktionstasten im Lenkrad rechts, Steuergerät für Multifunktionslenkrad
748
9. Blinklichtschalter, Steuergerät für Airbag, Bordnetzsteuergerät	749
10. Bordnetzsteuergerät, Motorsteuergerät	750
11. Bordnetzsteuergerät	751
12. Bordnetzsteuergerät	752
13. Lichtschalter, Lichtdrehschalter, Bordnetzsteuergerät	753
14. Bordnetzsteuergerät, Scheinwerfer vorn links, Stellmotor links für Leuchtweitenregelung	754
15. Bordnetzsteuergerät, Scheinwerfer vorn rechts, Stellmotor rechts für Leuchtweitenregelung	755
16. Regler für Leuchtweitenregelung und Instrumentenbeleuchtung, Bordnetzsteuergerät	756
17. Hochtonhorn, Bordnetzsteuergerät, Lampe für Nebelscheinwerfer rechts, Heizwiderstand für Spritzdüse links, Heizwiderstand für Spritzdüse rechts
757
18. Bremslichtschalter, Steuergerät für Wischermotor, Bordnetzsteuergerät, Lampe für Nebelscheinwerfer links, Scheibenwischermotor
758
19. Warnblinkschalter, Tankklappenentriegelung, Druckschalter für Feststellbremse, Bordnetzsteuergerät, 12-V-Steckdose
759
20. Bordnetzsteuergerät, Schlussleuchte links, Schlussleuchte rechts	760
21. Bordnetzsteuergerät, Schlussleuchte 2 links	761
22. Schalter für Rückfahrleuchten, Bordnetzsteuergerät, Kofferraumleuchte, Kennzeichenleuchte links, Kennzeichenleuchte rechts
762
23. Bordnetzsteuergerät, Motor für Heckscheibenwischer, beheizbare Heckscheibe	763
24. Regensensor, Bordnetzsteuergerät, Fußraumleuchte vorn links, Fußraumleuchte vorn rechts, Lampe für Ablagefachbeleuchtung
764
25. Bordnetzsteuergerät	765
